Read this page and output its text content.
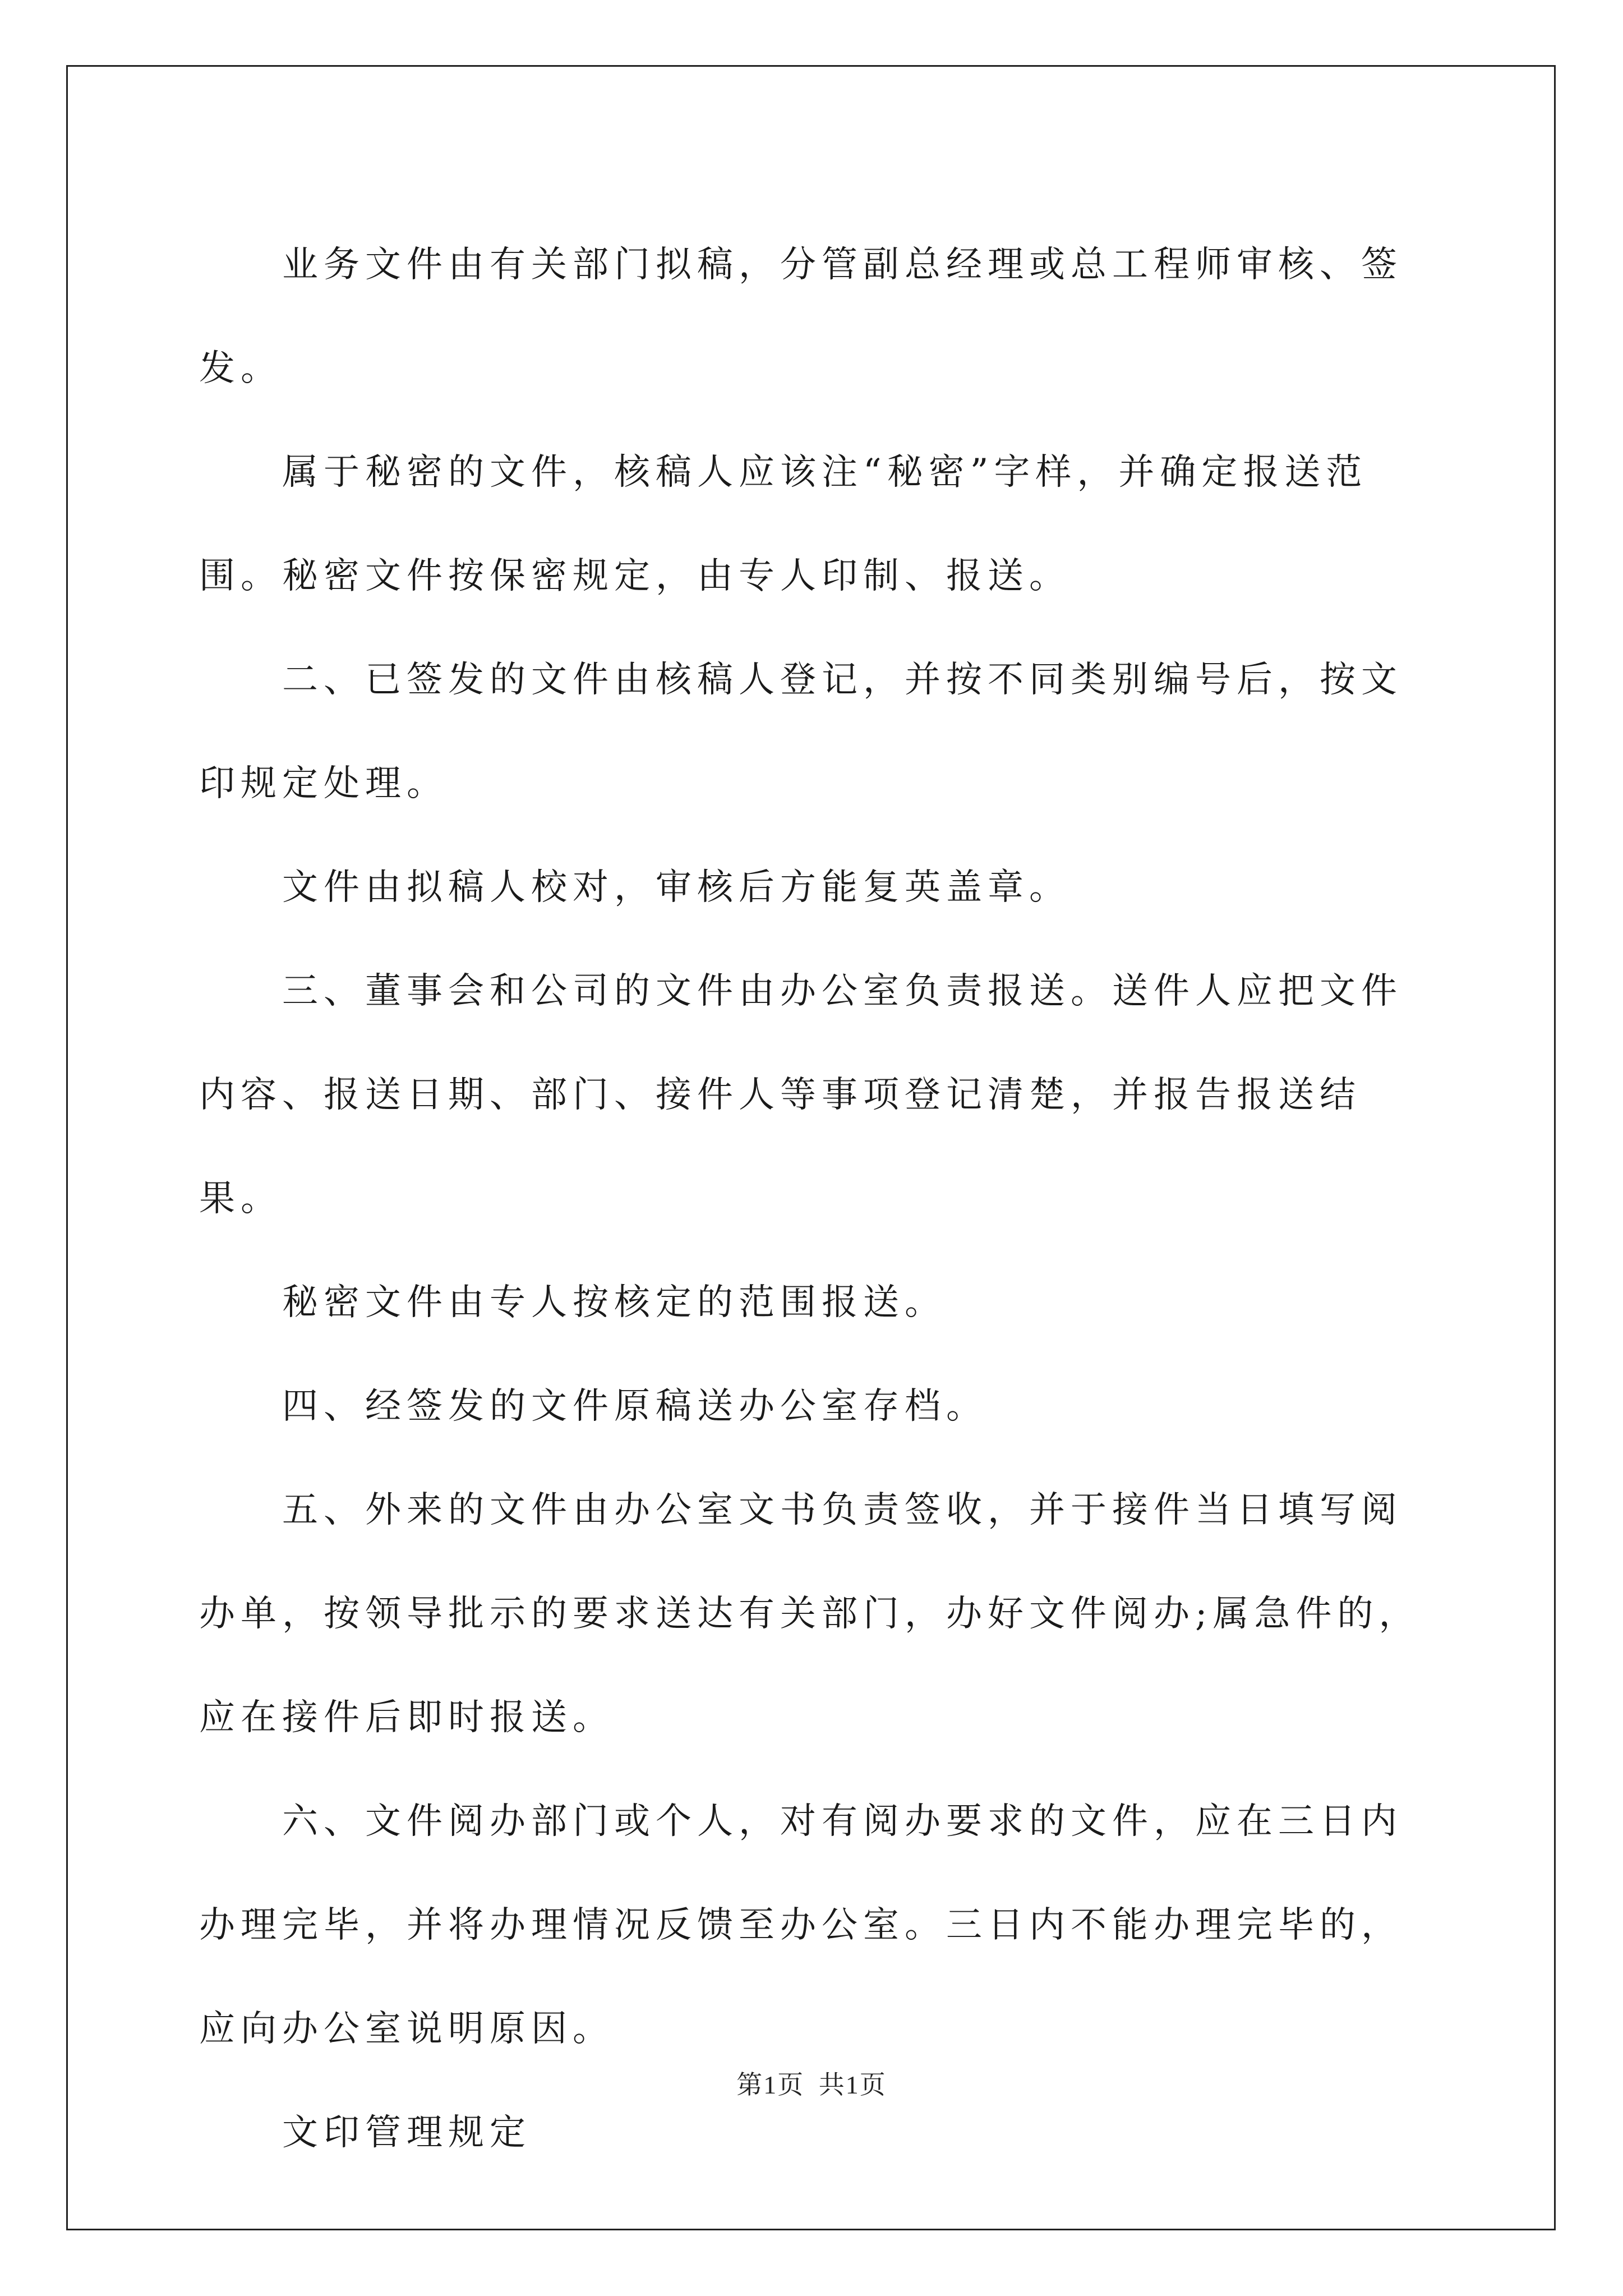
业务文件由有关部门拟稿，分管副总经理或总工程师审核、签发。

属于秘密的文件，核稿人应该注“秘密”字样，并确定报送范围。秘密文件按保密规定，由专人印制、报送。

二、已签发的文件由核稿人登记，并按不同类别编号后，按文印规定处理。

文件由拟稿人校对，审核后方能复英盖章。

三、董事会和公司的文件由办公室负责报送。送件人应把文件内容、报送日期、部门、接件人等事项登记清楚，并报告报送结果。

秘密文件由专人按核定的范围报送。

四、经签发的文件原稿送办公室存档。

五、外来的文件由办公室文书负责签收，并于接件当日填写阅办单，按领导批示的要求送达有关部门，办好文件阅办;属急件的，应在接件后即时报送。

六、文件阅办部门或个人，对有阅办要求的文件，应在三日内办理完毕，并将办理情况反馈至办公室。三日内不能办理完毕的，应向办公室说明原因。

文印管理规定

第1页 共1页
